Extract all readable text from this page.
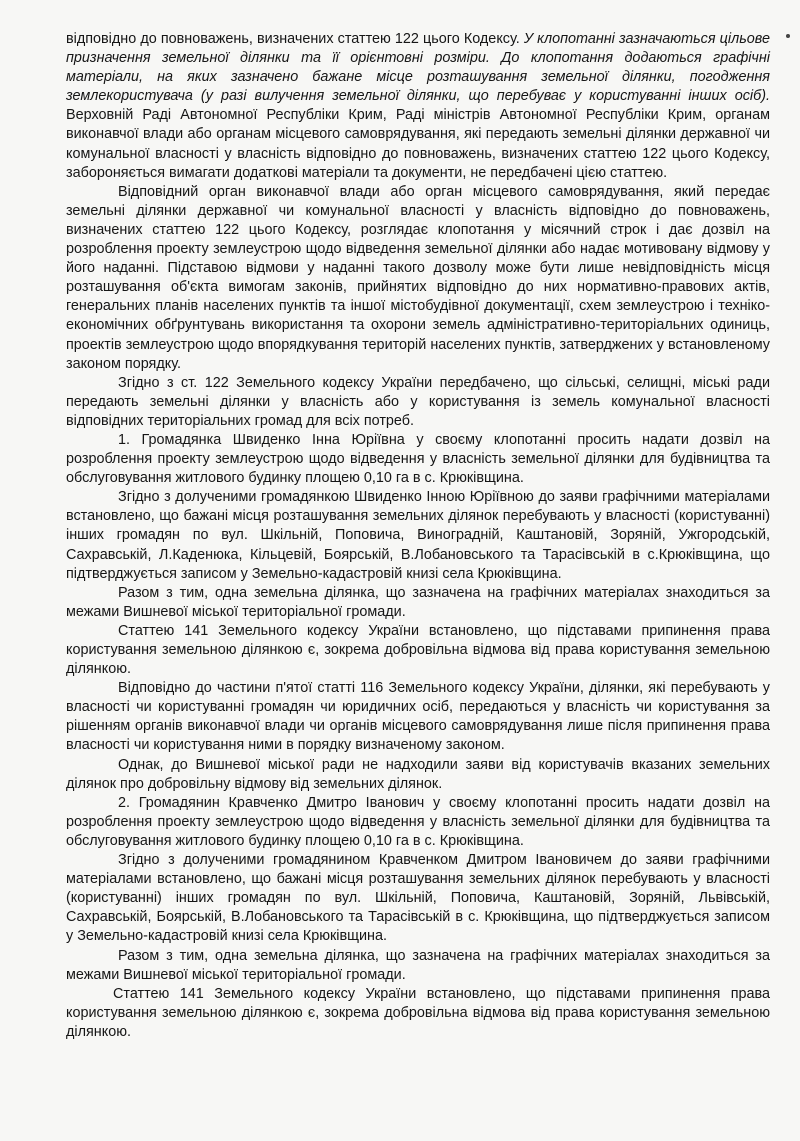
відповідно до повноважень, визначених статтею 122 цього Кодексу. У клопотанні зазначаються цільове призначення земельної ділянки та її орієнтовні розміри. До клопотання додаються графічні матеріали, на яких зазначено бажане місце розташування земельної ділянки, погодження землекористувача (у разі вилучення земельної ділянки, що перебуває у користуванні інших осіб). Верховній Раді Автономної Республіки Крим, Раді міністрів Автономної Республіки Крим, органам виконавчої влади або органам місцевого самоврядування, які передають земельні ділянки державної чи комунальної власності у власність відповідно до повноважень, визначених статтею 122 цього Кодексу, забороняється вимагати додаткові матеріали та документи, не передбачені цією статтею.

Відповідний орган виконавчої влади або орган місцевого самоврядування, який передає земельні ділянки державної чи комунальної власності у власність відповідно до повноважень, визначених статтею 122 цього Кодексу, розглядає клопотання у місячний строк і дає дозвіл на розроблення проекту землеустрою щодо відведення земельної ділянки або надає мотивовану відмову у його наданні. Підставою відмови у наданні такого дозволу може бути лише невідповідність місця розташування об'єкта вимогам законів, прийнятих відповідно до них нормативно-правових актів, генеральних планів населених пунктів та іншої містобудівної документації, схем землеустрою і техніко-економічних обґрунтувань використання та охорони земель адміністративно-територіальних одиниць, проектів землеустрою щодо впорядкування територій населених пунктів, затверджених у встановленому законом порядку.

Згідно з ст. 122 Земельного кодексу України передбачено, що сільські, селищні, міські ради передають земельні ділянки у власність або у користування із земель комунальної власності відповідних територіальних громад для всіх потреб.

1. Громадянка Швиденко Інна Юріївна у своєму клопотанні просить надати дозвіл на розроблення проекту землеустрою щодо відведення у власність земельної ділянки для будівництва та обслуговування житлового будинку площею 0,10 га в с. Крюківщина.

Згідно з долученими громадянкою Швиденко Інною Юріївною до заяви графічними матеріалами встановлено, що бажані місця розташування земельних ділянок перебувають у власності (користуванні) інших громадян по вул. Шкільній, Поповича, Виноградній, Каштановій, Зоряній, Ужгородській, Сахравській, Л.Каденюка, Кільцевій, Боярській, В.Лобановського та Тарасівській в с.Крюківщина, що підтверджується записом у Земельно-кадастровій книзі села Крюківщина.

Разом з тим, одна земельна ділянка, що зазначена на графічних матеріалах знаходиться за межами Вишневої міської територіальної громади.

Статтею 141 Земельного кодексу України встановлено, що підставами припинення права користування земельною ділянкою є, зокрема добровільна відмова від права користування земельною ділянкою.

Відповідно до частини п'ятої статті 116 Земельного кодексу України, ділянки, які перебувають у власності чи користуванні громадян чи юридичних осіб, передаються у власність чи користування за рішенням органів виконавчої влади чи органів місцевого самоврядування лише після припинення права власності чи користування ними в порядку визначеному законом.

Однак, до Вишневої міської ради не надходили заяви від користувачів вказаних земельних ділянок про добровільну відмову від земельних ділянок.

2. Громадянин Кравченко Дмитро Іванович у своєму клопотанні просить надати дозвіл на розроблення проекту землеустрою щодо відведення у власність земельної ділянки для будівництва та обслуговування житлового будинку площею 0,10 га в с. Крюківщина.

Згідно з долученими громадянином Кравченком Дмитром Івановичем до заяви графічними матеріалами встановлено, що бажані місця розташування земельних ділянок перебувають у власності (користуванні) інших громадян по вул. Шкільній, Поповича, Каштановій, Зоряній, Львівській, Сахравській, Боярській, В.Лобановського та Тарасівській в с. Крюківщина, що підтверджується записом у Земельно-кадастровій книзі села Крюківщина.

Разом з тим, одна земельна ділянка, що зазначена на графічних матеріалах знаходиться за межами Вишневої міської територіальної громади.

Статтею 141 Земельного кодексу України встановлено, що підставами припинення права користування земельною ділянкою є, зокрема добровільна відмова від права користування земельною ділянкою.
